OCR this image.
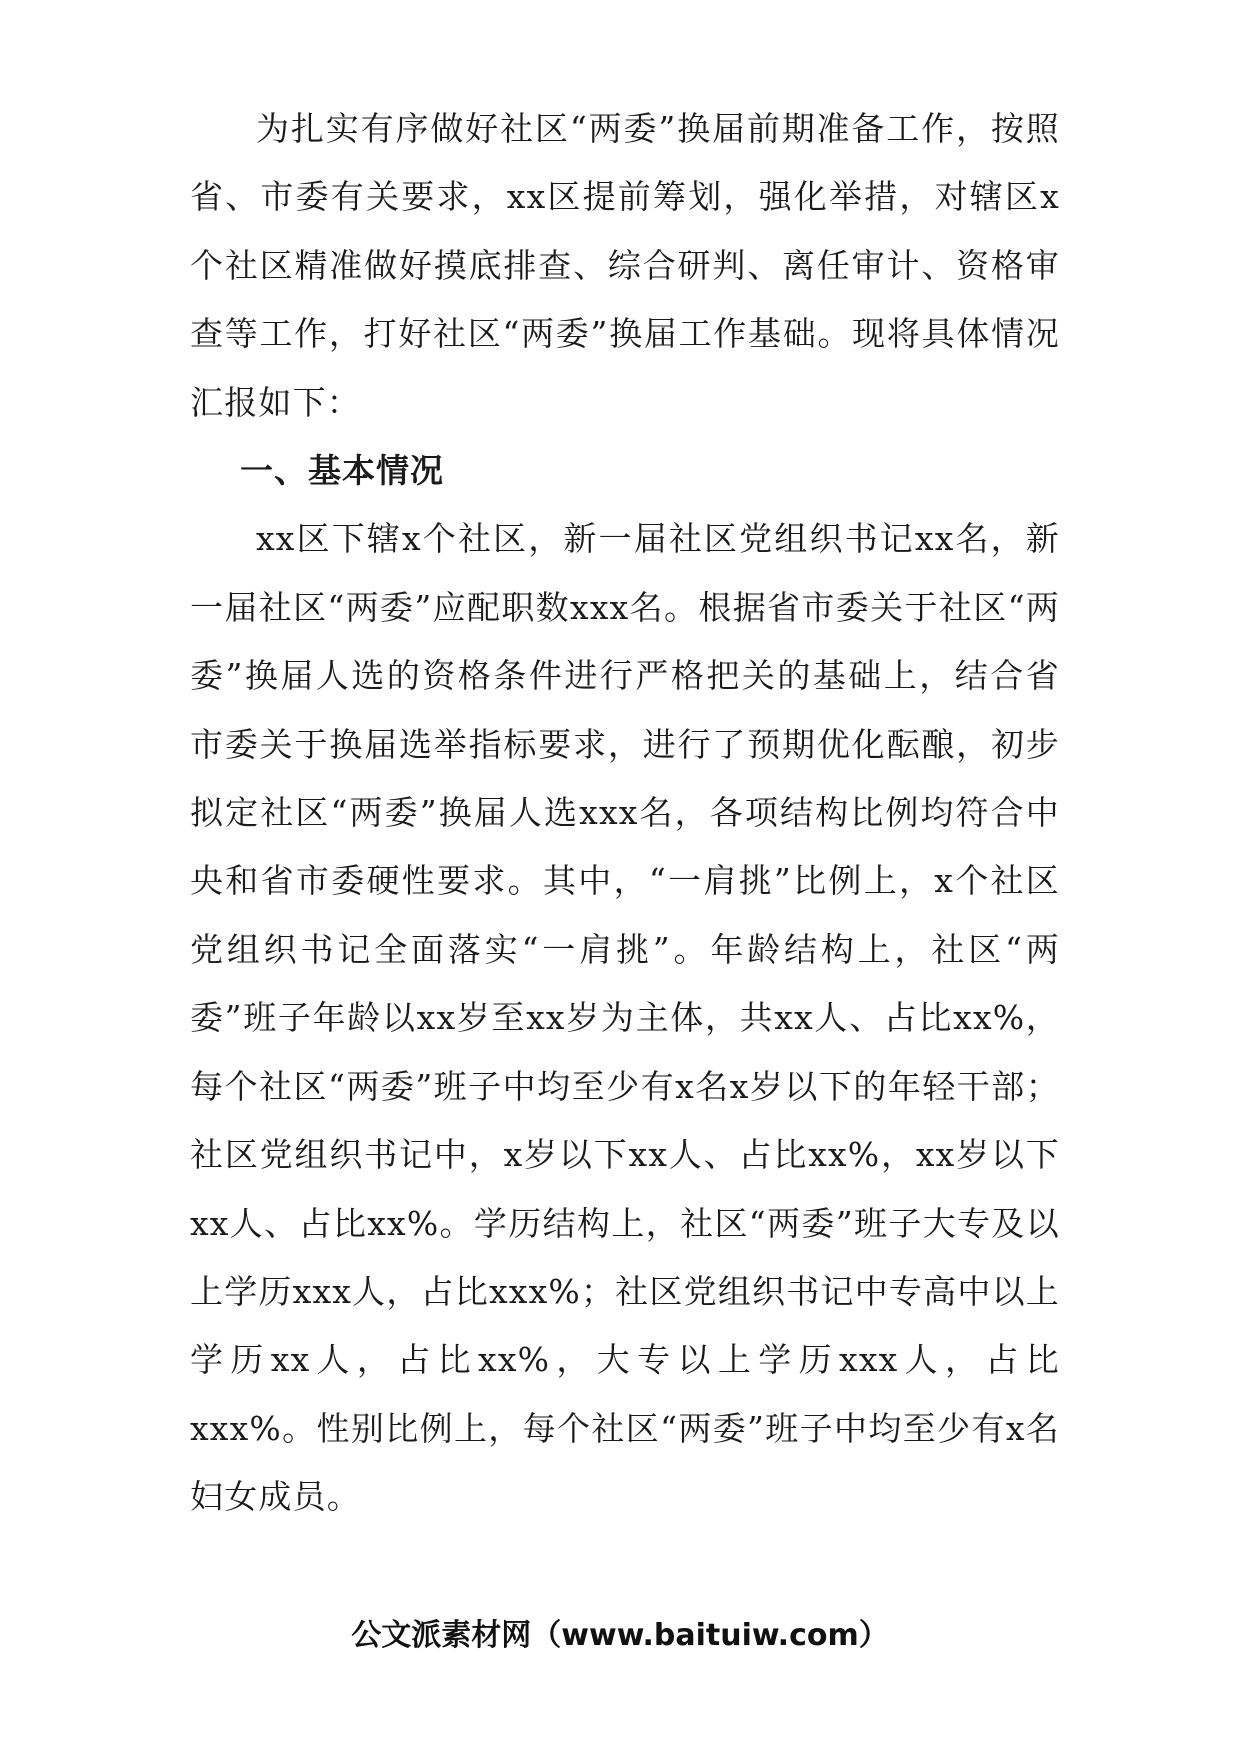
为扎实有序做好社区“两委”换届前期准备工作，按照省、市委有关要求，xx区提前筹划，强化举措，对辖区x个社区精准做好摸底排查、综合研判、离任审计、资格审查等工作，打好社区“两委”换届工作基础。现将具体情况汇报如下：

一、基本情况

xx区下辖x个社区，新一届社区党组织书记xx名，新一届社区“两委”应配职数xxx名。根据省市委关于社区“两委”换届人选的资格条件进行严格把关的基础上，结合省市委关于换届选举指标要求，进行了预期优化酝酿，初步拟定社区“两委”换届人选xxx名，各项结构比例均符合中央和省市委硬性要求。其中，“一肩挑”比例上，x个社区党组织书记全面落实“一肩挑”。年龄结构上，社区“两委”班子年龄以xx岁至xx岁为主体，共xx人、占比xx%，每个社区“两委”班子中均至少有x名x岁以下的年轻干部；社区党组织书记中，x岁以下xx人、占比xx%，xx岁以下xx人、占比xx%。学历结构上，社区“两委”班子大专及以上学历xxx人，占比xxx%；社区党组织书记中专高中以上学历xx人，占比xx%，大专以上学历xxx人，占比xxx%。性别比例上，每个社区“两委”班子中均至少有x名妇女成员。

公文派素材网（www.baituiw.com）
